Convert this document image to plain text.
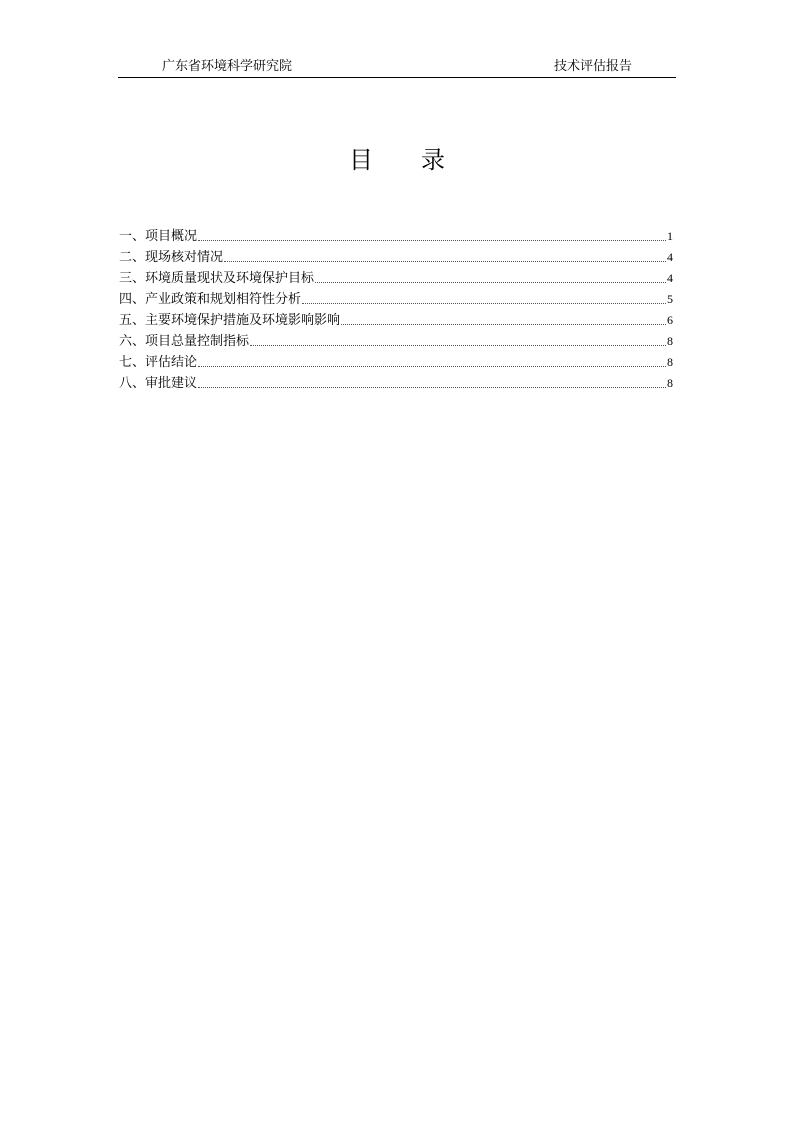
广东省环境科学研究院	技术评估报告
目录
一、项目概况	1
二、现场核对情况	4
三、环境质量现状及环境保护目标	4
四、产业政策和规划相符性分析	5
五、主要环境保护措施及环境影响影响	6
六、项目总量控制指标	8
七、评估结论	8
八、审批建议	8
